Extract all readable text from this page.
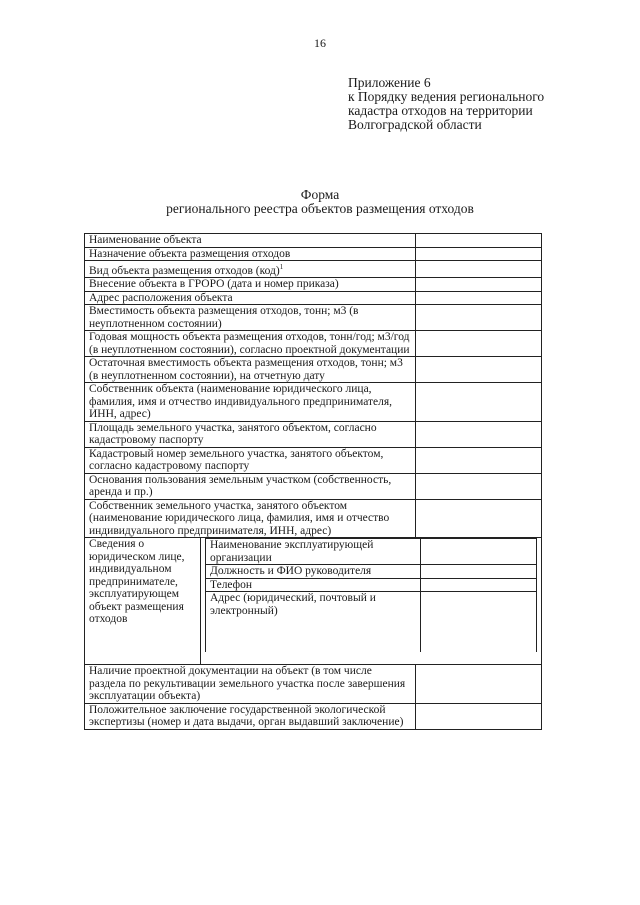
16
Приложение 6
к Порядку ведения регионального
кадастра отходов на территории
Волгоградской области
Форма
регионального реестра объектов размещения отходов
Наименование объекта	
Назначение объекта размещения отходов	
Вид объекта размещения отходов (код)$^1$	
Внесение объекта в ГРОРО (дата и номер приказа)	
Адрес расположения объекта	
Вместимость объекта размещения отходов, тонн; м3 (в неуплотненном состоянии)	
Годовая мощность объекта размещения отходов, тонн/год; м3/год (в неуплотненном состоянии), согласно проектной документации	
Остаточная вместимость объекта размещения отходов, тонн; м3 (в неуплотненном состоянии), на отчетную дату	
Собственник объекта (наименование юридического лица, фамилия, имя и отчество индивидуального предпринимателя, ИНН, адрес)	
Площадь земельного участка, занятого объектом, согласно кадастровому паспорту	
Кадастровый номер земельного участка, занятого объектом, согласно кадастровому паспорту	
Основания пользования земельным участком (собственность, аренда и пр.)	
Собственник земельного участка, занятого объектом (наименование юридического лица, фамилия, имя и отчество индивидуального предпринимателя, ИНН, адрес)	
Сведения о юридическом лице, индивидуальном предпринимателе, эксплуатирующем объект размещения отходов	
Наименование эксплуатирующей организации	
Должность и ФИО руководителя	
Телефон	
Адрес (юридический, почтовый и электронный)	

Наличие проектной документации на объект (в том числе раздела по рекультивации земельного участка после завершения эксплуатации объекта)	
Положительное заключение государственной экологической экспертизы (номер и дата выдачи, орган выдавший заключение)	
